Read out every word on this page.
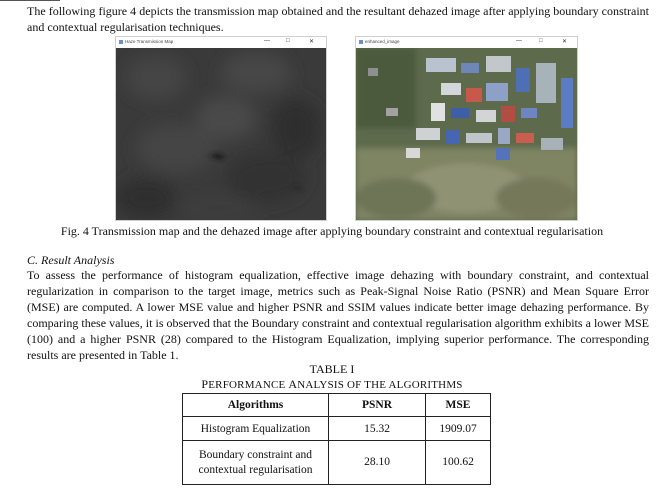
The following figure 4 depicts the transmission map obtained and the resultant dehazed image after applying boundary constraint and contextual regularisation techniques.

Haze Transmission Map	—	□	✕	enhanced_image	—	□	✕

Fig. 4 Transmission map and the dehazed image after applying boundary constraint and contextual regularisation

C. Result Analysis

To assess the performance of histogram equalization, effective image dehazing with boundary constraint, and contextual regularization in comparison to the target image, metrics such as Peak-Signal Noise Ratio (PSNR) and Mean Square Error (MSE) are computed. A lower MSE value and higher PSNR and SSIM values indicate better image dehazing performance. By comparing these values, it is observed that the Boundary constraint and contextual regularisation algorithm exhibits a lower MSE (100) and a higher PSNR (28) compared to the Histogram Equalization, implying superior performance. The corresponding results are presented in Table 1.

TABLE I

PERFORMANCE ANALYSIS OF THE ALGORITHMS

Algorithms	PSNR	MSE
Histogram Equalization	15.32	1909.07
Boundary constraint and contextual regularisation	28.10	100.62
